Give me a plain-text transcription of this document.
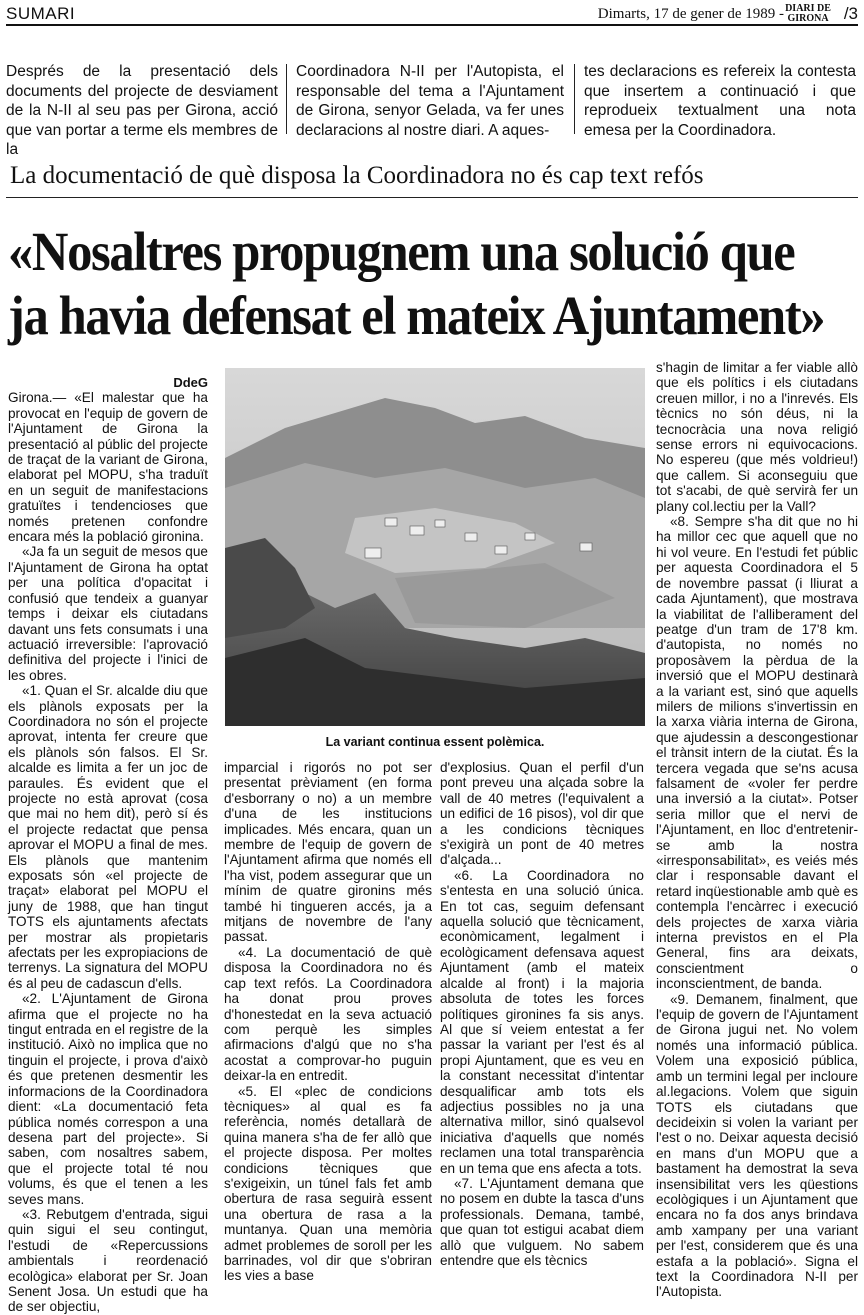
SUMARI	Dimarts, 17 de gener de 1989 - DIARI DE
GIRONA /3
Després de la presentació dels documents del projecte de desviament de la N-II al seu pas per Girona, acció que van portar a terme els membres de la
Coordinadora N-II per l'Autopista, el responsable del tema a l'Ajuntament de Girona, senyor Gelada, va fer unes declaracions al nostre diari. A aques-
tes declaracions es refereix la contesta que insertem a continuació i que reprodueix textualment una nota emesa per la Coordinadora.
La documentació de què disposa la Coordinadora no és cap text refós
«Nosaltres propugnem una solució que
ja havia defensat el mateix Ajuntament»
DdeG

Girona.— «El malestar que ha provocat en l'equip de govern de l'Ajuntament de Girona la presentació al públic del projecte de traçat de la variant de Girona, elaborat pel MOPU, s'ha traduït en un seguit de manifestacions gratuïtes i tendencioses que només pretenen confondre encara més la població gironina.

«Ja fa un seguit de mesos que l'Ajuntament de Girona ha optat per una política d'opacitat i confusió que tendeix a guanyar temps i deixar els ciutadans davant uns fets consumats i una actuació irreversible: l'aprovació definitiva del projecte i l'inici de les obres.

«1. Quan el Sr. alcalde diu que els plànols exposats per la Coordinadora no són el projecte aprovat, intenta fer creure que els plànols són falsos. El Sr. alcalde es limita a fer un joc de paraules. És evident que el projecte no està aprovat (cosa que mai no hem dit), però sí és el projecte redactat que pensa aprovar el MOPU a final de mes. Els plànols que mantenim exposats són «el projecte de traçat» elaborat pel MOPU el juny de 1988, que han tingut TOTS els ajuntaments afectats per mostrar als propietaris afectats per les expropiacions de terrenys. La signatura del MOPU és al peu de cadascun d'ells.

«2. L'Ajuntament de Girona afirma que el projecte no ha tingut entrada en el registre de la institució. Això no implica que no tinguin el projecte, i prova d'això és que pretenen desmentir les informacions de la Coordinadora dient: «La documentació feta pública només correspon a una desena part del projecte». Si saben, com nosaltres sabem, que el projecte total té nou volums, és que el tenen a les seves mans.

«3. Rebutgem d'entrada, sigui quin sigui el seu contingut, l'estudi de «Repercussions ambientals i reordenació ecològica» elaborat per Sr. Joan Senent Josa. Un estudi que ha de ser objectiu,

La variant continua essent polèmica.

imparcial i rigorós no pot ser presentat prèviament (en forma d'esborrany o no) a un membre d'una de les institucions implicades. Més encara, quan un membre de l'equip de govern de l'Ajuntament afirma que només ell l'ha vist, podem assegurar que un mínim de quatre gironins més també hi tingueren accés, ja a mitjans de novembre de l'any passat.

«4. La documentació de què disposa la Coordinadora no és cap text refós. La Coordinadora ha donat prou proves d'honestedat en la seva actuació com perquè les simples afirmacions d'algú que no s'ha acostat a comprovar-ho puguin deixar-la en entredit.

«5. El «plec de condicions tècniques» al qual es fa referència, només detallarà de quina manera s'ha de fer allò que el projecte disposa. Per moltes condicions tècniques que s'exigeixin, un túnel fals fet amb obertura de rasa seguirà essent una obertura de rasa a la muntanya. Quan una memòria admet problemes de soroll per les barrinades, vol dir que s'obriran les vies a base

d'explosius. Quan el perfil d'un pont preveu una alçada sobre la vall de 40 metres (l'equivalent a un edifici de 16 pisos), vol dir que a les condicions tècniques s'exigirà un pont de 40 metres d'alçada...

«6. La Coordinadora no s'entesta en una solució única. En tot cas, seguim defensant aquella solució que tècnicament, econòmicament, legalment i ecològicament defensava aquest Ajuntament (amb el mateix alcalde al front) i la majoria absoluta de totes les forces polítiques gironines fa sis anys. Al que sí veiem entestat a fer passar la variant per l'est és al propi Ajuntament, que es veu en la constant necessitat d'intentar desqualificar amb tots els adjectius possibles no ja una alternativa millor, sinó qualsevol iniciativa d'aquells que només reclamen una total transparència en un tema que ens afecta a tots.

«7. L'Ajuntament demana que no posem en dubte la tasca d'uns professionals. Demana, també, que quan tot estigui acabat diem allò que vulguem. No sabem entendre que els tècnics

s'hagin de limitar a fer viable allò que els polítics i els ciutadans creuen millor, i no a l'inrevés. Els tècnics no són déus, ni la tecnocràcia una nova religió sense errors ni equivocacions. No espereu (que més voldrieu!) que callem. Si aconseguiu que tot s'acabi, de què servirà fer un plany col.lectiu per la Vall?

«8. Sempre s'ha dit que no hi ha millor cec que aquell que no hi vol veure. En l'estudi fet públic per aquesta Coordinadora el 5 de novembre passat (i lliurat a cada Ajuntament), que mostrava la viabilitat de l'alliberament del peatge d'un tram de 17'8 km. d'autopista, no només no proposàvem la pèrdua de la inversió que el MOPU destinarà a la variant est, sinó que aquells milers de milions s'invertissin en la xarxa viària interna de Girona, que ajudessin a descongestionar el trànsit intern de la ciutat. És la tercera vegada que se'ns acusa falsament de «voler fer perdre una inversió a la ciutat». Potser seria millor que el nervi de l'Ajuntament, en lloc d'entretenir-se amb la nostra «irresponsabilitat», es veiés més clar i responsable davant el retard inqüestionable amb què es contempla l'encàrrec i execució dels projectes de xarxa viària interna previstos en el Pla General, fins ara deixats, conscientment o inconscientment, de banda.

«9. Demanem, finalment, que l'equip de govern de l'Ajuntament de Girona jugui net. No volem només una informació pública. Volem una exposició pública, amb un termini legal per incloure al.legacions. Volem que siguin TOTS els ciutadans que decideixin si volen la variant per l'est o no. Deixar aquesta decisió en mans d'un MOPU que a bastament ha demostrat la seva insensibilitat vers les qüestions ecològiques i un Ajuntament que encara no fa dos anys brindava amb xampany per una variant per l'est, considerem que és una estafa a la població». Signa el text la Coordinadora N-II per l'Autopista.
